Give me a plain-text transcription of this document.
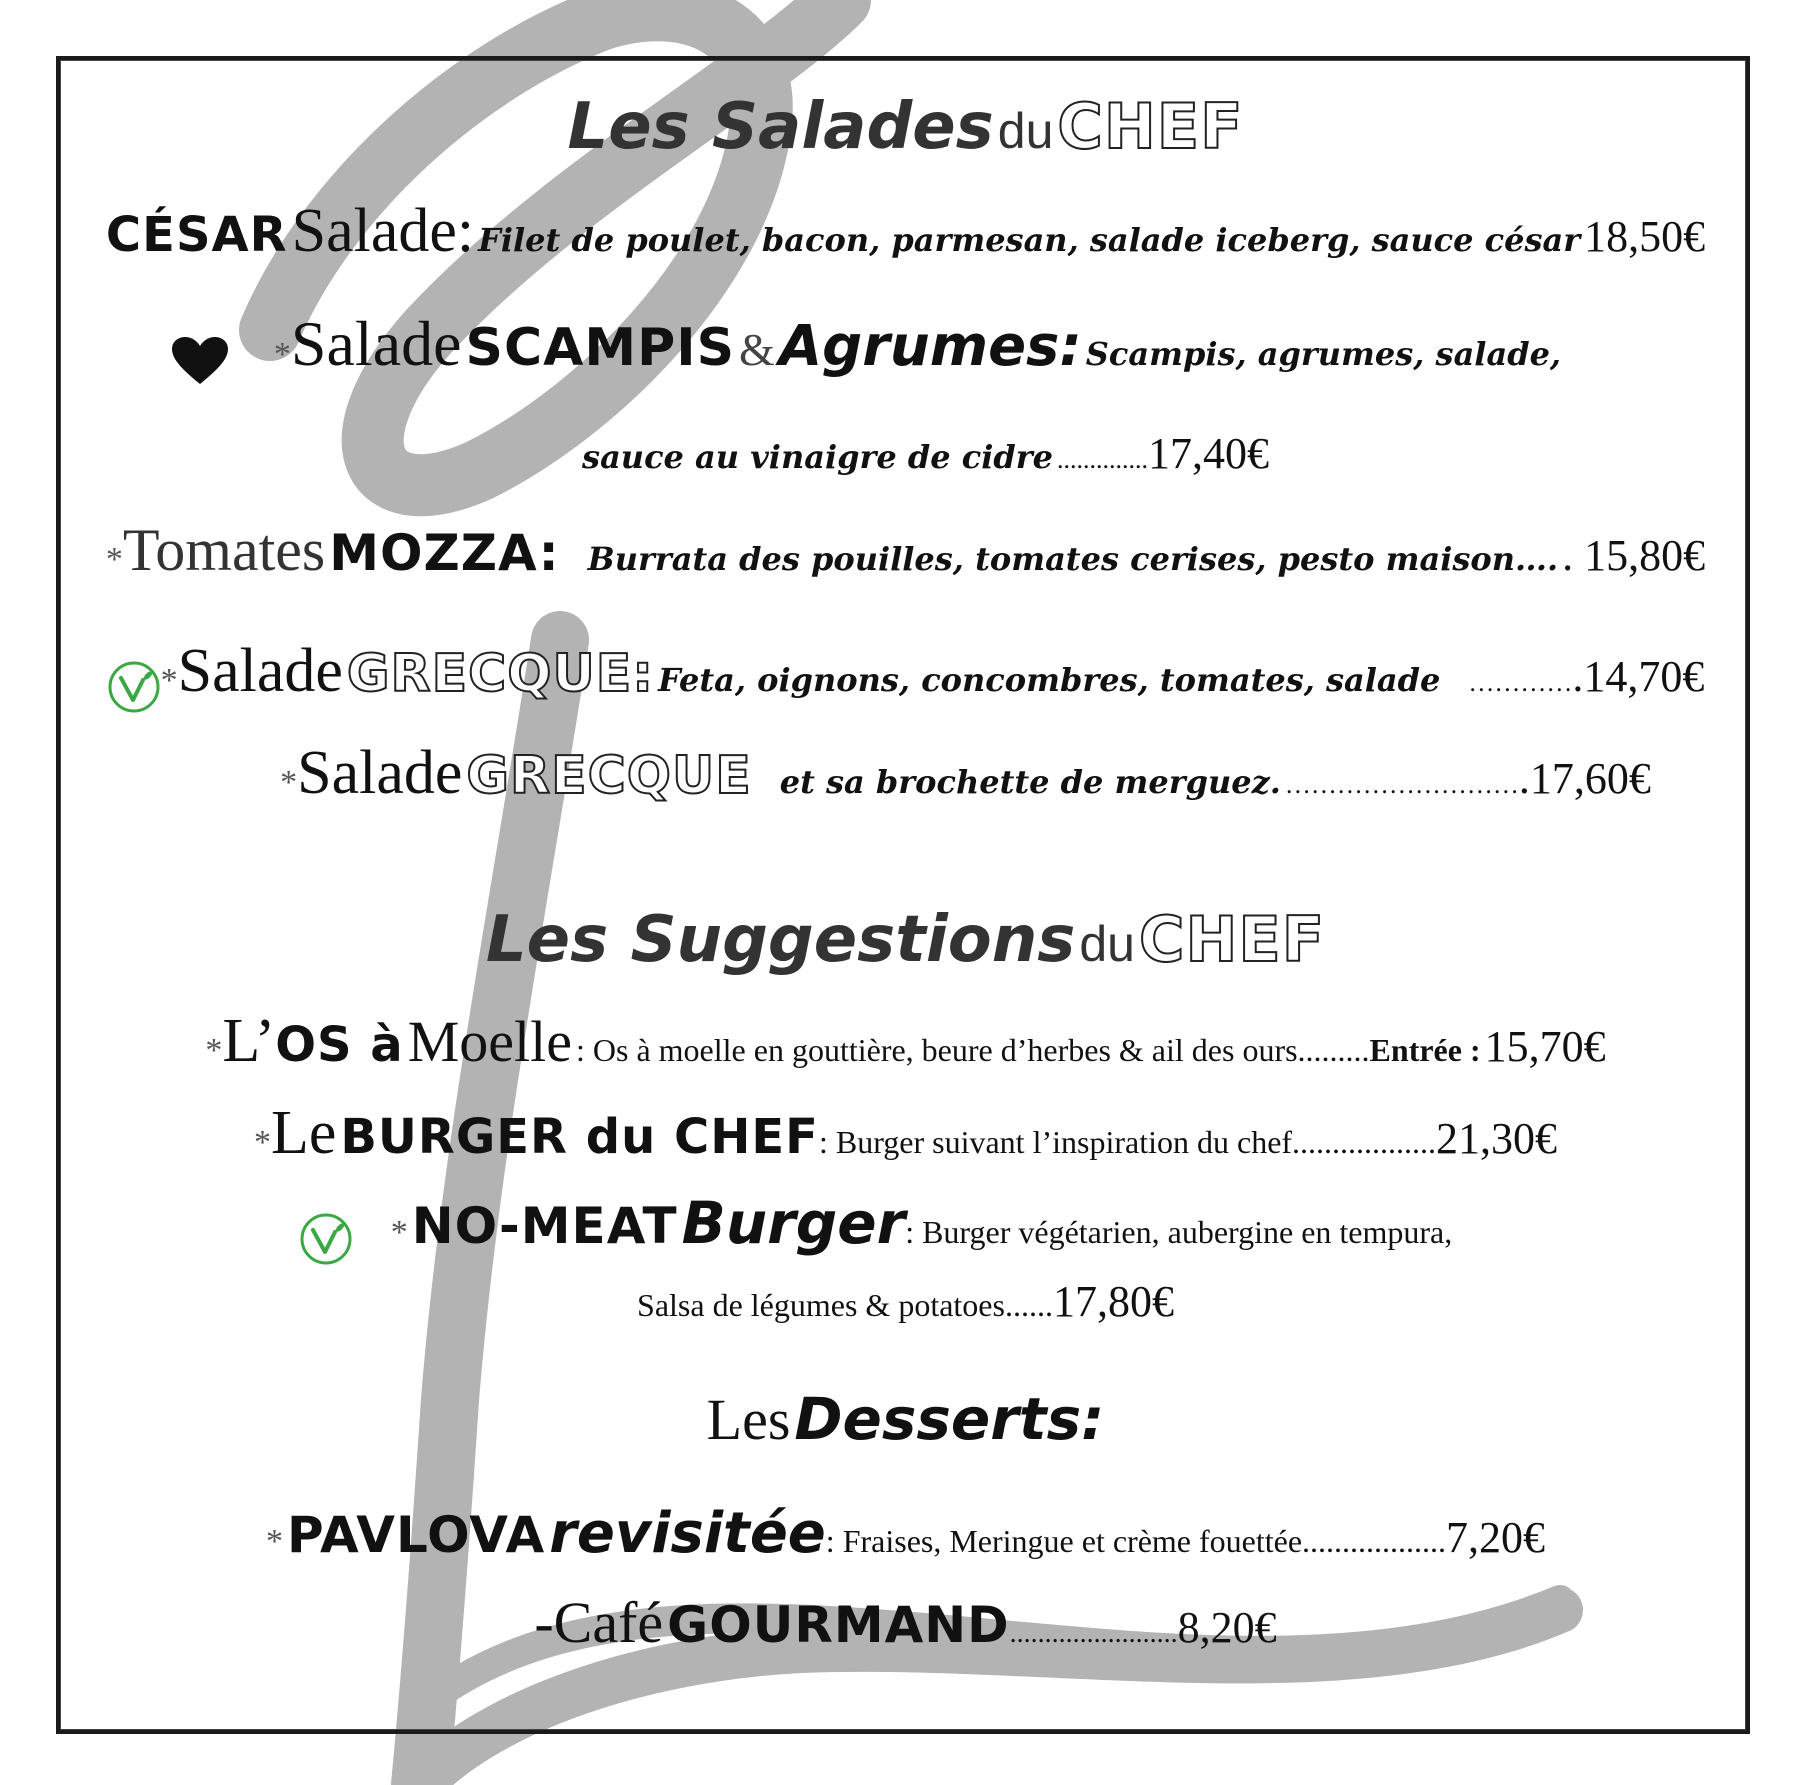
Les Salades du CHEF
CÉSAR Salade: Filet de poulet, bacon, parmesan, salade iceberg, sauce césar 18,50€
*Salade SCAMPIS & Agrumes: Scampis, agrumes, salade,
sauce au vinaigre de cidre ..............17,40€
*Tomates MOZZA: Burrata des pouilles, tomates cerises, pesto maison…. . 15,80€
*Salade GRECQUE: Feta, oignons, concombres, tomates, salade ………….14,70€
*Salade GRECQUE et sa brochette de merguez. ……………………….17,60€
Les Suggestions du CHEF
*L’OS à Moelle : Os à moelle en gouttière, beure d’herbes & ail des ours.........Entrée : 15,70€
*Le BURGER du CHEF: Burger suivant l’inspiration du chef..................21,30€
* NO-MEAT Burger: Burger végétarien, aubergine en tempura,
Salsa de légumes & potatoes......17,80€
Les Desserts:
* PAVLOVA revisitée: Fraises, Meringue et crème fouettée..................7,20€
-Café GOURMAND........................8,20€
